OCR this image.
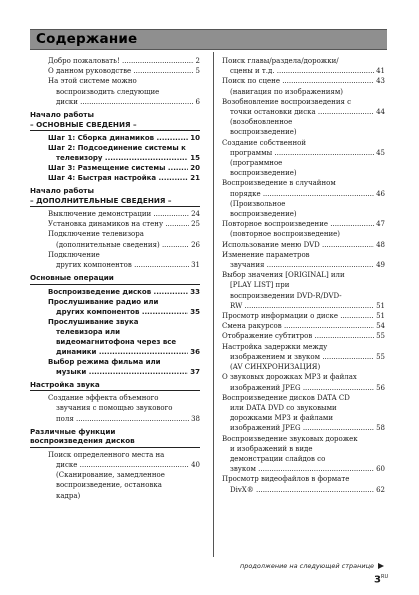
Содержание
2
Добро пожаловать! .....
5
О данном руководстве .....
На этой системе можно
воспроизводить следующие
6
диски .....
Начало работы
– ОСНОВНЫЕ СВЕДЕНИЯ –
10
Шаг 1: Сборка динамиков .....
Шаг 2: Подсоединение системы к
15
телевизору .....
20
Шаг 3: Размещение системы .....
21
Шаг 4: Быстрая настройка .....
Начало работы
– ДОПОЛНИТЕЛЬНЫЕ СВЕДЕНИЯ –
24
Выключение демонстрации .....
25
Установка динамиков на стену .....
Подключение телевизора
26
(дополнительные сведения) .....
Подключение
31
других компонентов .....
Основные операции
33
Воспроизведение дисков .....
Прослушивание радио или
35
других компонентов .....
Прослушивание звука
телевизора или
видеомагнитофона через все
36
динамики .....
Выбор режима фильма или
37
музыки .....
Настройка звука
Создание эффекта объемного
звучания с помощью звукового
38
поля .....
Различные функции
воспроизведения дисков
Поиск определенного места на
40
диске .....
(Сканирование, замедленное
воспроизведение, остановка
кадра)
Поиск главы/раздела/дорожки/
41
сцены и т.д. .....
43
Поиск по сцене .....
(навигация по изображениям)
Возобновление воспроизведения с
44
точки остановки диска .....
(возобновленное
воспроизведение)
Создание собственной
45
программы .....
(программное
воспроизведение)
Воспроизведение в случайном
46
порядке .....
(Произвольное
воспроизведение)
47
Повторное воспроизведение .....
(повторное воспроизведение)
48
Использование меню DVD .....
Изменение параметров
49
звучания .....
Выбор значения [ORIGINAL] или
[PLAY LIST] при
воспроизведении DVD-R/DVD-
51
RW .....
51
Просмотр информации о диске .....
54
Смена ракурсов .....
55
Отображение субтитров .....
Настройка задержки между
55
изображением и звуком .....
(AV СИНХРОНИЗАЦИЯ)
О звуковых дорожках MP3 и файлах
56
изображений JPEG .....
Воспроизведение дисков DATA CD
или DATA DVD со звуковыми
дорожками MP3 и файлами
58
изображений JPEG .....
Воспроизведение звуковых дорожек
и изображений в виде
демонстрации слайдов со
60
звуком .....
Просмотр видеофайлов в формате
62
DivX® .....
продолжение на следующей странице
$3^{RU}$
